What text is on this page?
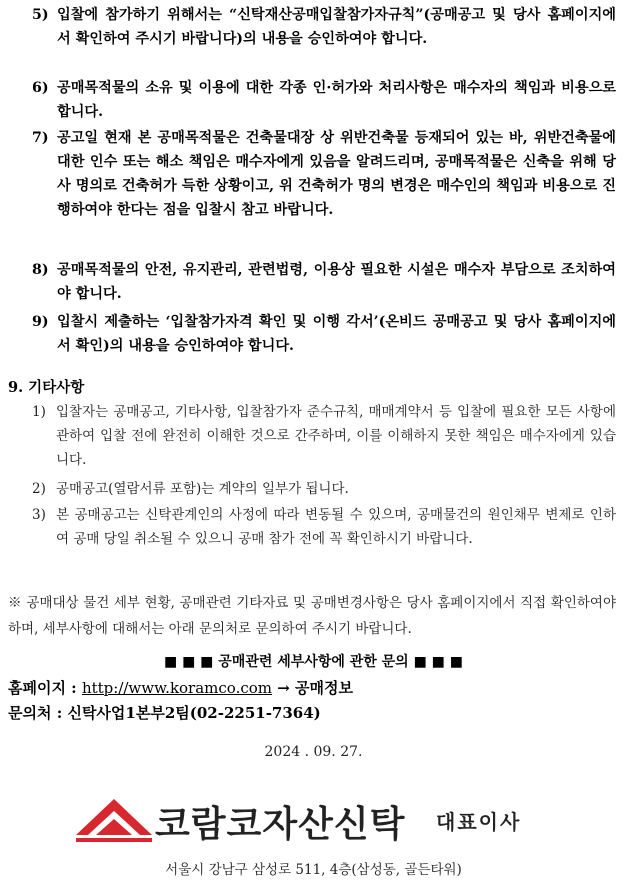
5) 입찰에 참가하기 위해서는 “신탁재산공매입찰참가자규칙”(공매공고 및 당사 홈페이지에서 확인하여 주시기 바랍니다)의 내용을 승인하여야 합니다.
6) 공매목적물의 소유 및 이용에 대한 각종 인·허가와 처리사항은 매수자의 책임과 비용으로 합니다.
7) 공고일 현재 본 공매목적물은 건축물대장 상 위반건축물 등재되어 있는 바, 위반건축물에 대한 인수 또는 해소 책임은 매수자에게 있음을 알려드리며, 공매목적물은 신축을 위해 당사 명의로 건축허가 득한 상황이고, 위 건축허가 명의 변경은 매수인의 책임과 비용으로 진행하여야 한다는 점을 입찰시 참고 바랍니다.
8) 공매목적물의 안전, 유지관리, 관련법령, 이용상 필요한 시설은 매수자 부담으로 조치하여야 합니다.
9) 입찰시 제출하는 ‘입찰참가자격 확인 및 이행 각서’(온비드 공매공고 및 당사 홈페이지에서 확인)의 내용을 승인하여야 합니다.
9. 기타사항
1) 입찰자는 공매공고, 기타사항, 입찰참가자 준수규칙, 매매계약서 등 입찰에 필요한 모든 사항에 관하여 입찰 전에 완전히 이해한 것으로 간주하며, 이를 이해하지 못한 책임은 매수자에게 있습니다.
2) 공매공고(열람서류 포함)는 계약의 일부가 됩니다.
3) 본 공매공고는 신탁관계인의 사정에 따라 변동될 수 있으며, 공매물건의 원인채무 변제로 인하여 공매 당일 취소될 수 있으니 공매 참가 전에 꼭 확인하시기 바랍니다.
※ 공매대상 물건 세부 현황, 공매관련 기타자료 및 공매변경사항은 당사 홈페이지에서 직접 확인하여야 하며, 세부사항에 대해서는 아래 문의처로 문의하여 주시기 바랍니다.
■ ■ ■ 공매관련 세부사항에 관한 문의 ■ ■ ■
홈페이지 : http://www.koramco.com → 공매정보
문의처 : 신탁사업1본부2팀(02-2251-7364)
2024 . 09. 27.
코람코자산신탁 대표이사
서울시 강남구 삼성로 511, 4층(삼성동, 골든타워)
